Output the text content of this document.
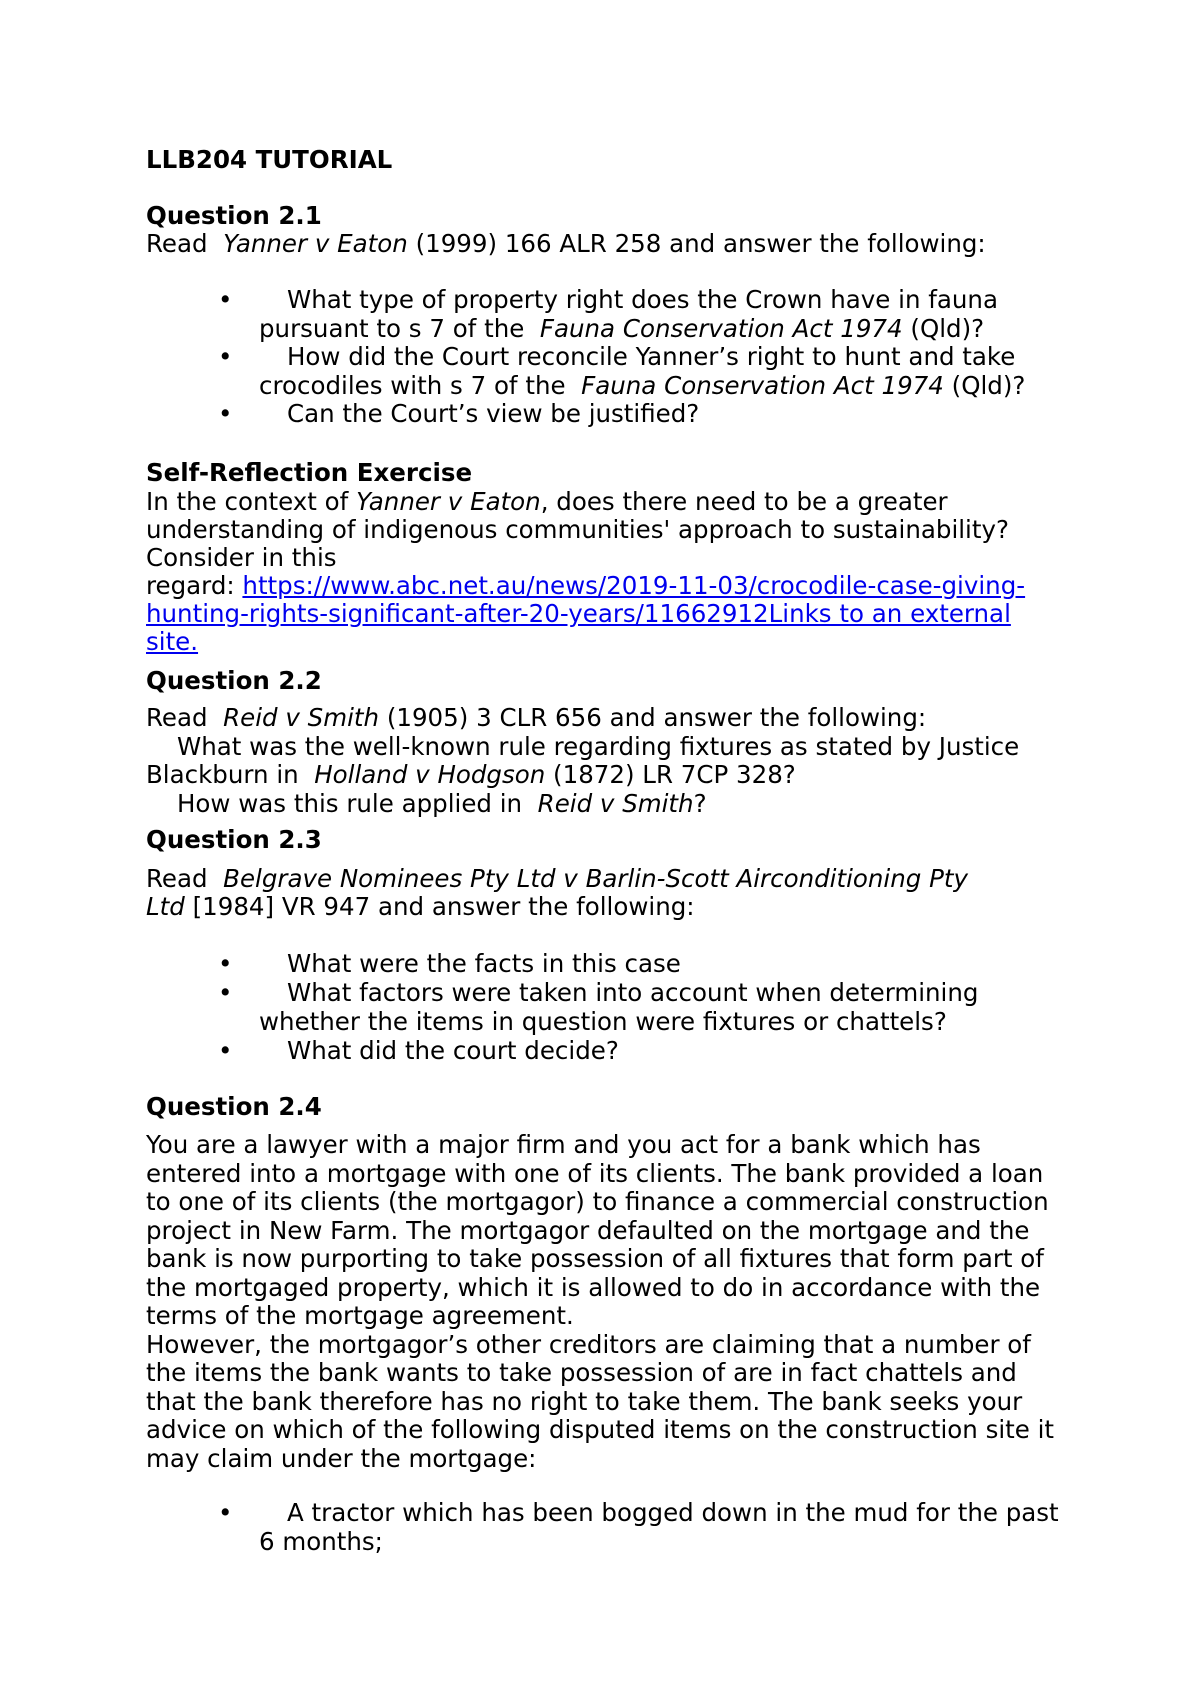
LLB204 TUTORIAL
Question 2.1
Read Yanner v Eaton (1999) 166 ALR 258 and answer the following:
• What type of property right does the Crown have in fauna
pursuant to s 7 of the Fauna Conservation Act 1974 (Qld)?
• How did the Court reconcile Yanner’s right to hunt and take
crocodiles with s 7 of the Fauna Conservation Act 1974 (Qld)?
• Can the Court’s view be justified?
Self-Reflection Exercise
In the context of Yanner v Eaton, does there need to be a greater
understanding of indigenous communities' approach to sustainability?
Consider in this
regard: https://www.abc.net.au/news/2019-11-03/crocodile-case-giving-
hunting-rights-significant-after-20-years/11662912Links to an external
site.
Question 2.2
Read Reid v Smith (1905) 3 CLR 656 and answer the following:
What was the well-known rule regarding fixtures as stated by Justice
Blackburn in Holland v Hodgson (1872) LR 7CP 328?
How was this rule applied in Reid v Smith?
Question 2.3
Read Belgrave Nominees Pty Ltd v Barlin-Scott Airconditioning Pty
Ltd [1984] VR 947 and answer the following:
• What were the facts in this case
• What factors were taken into account when determining
whether the items in question were fixtures or chattels?
• What did the court decide?
Question 2.4
You are a lawyer with a major firm and you act for a bank which has
entered into a mortgage with one of its clients. The bank provided a loan
to one of its clients (the mortgagor) to finance a commercial construction
project in New Farm. The mortgagor defaulted on the mortgage and the
bank is now purporting to take possession of all fixtures that form part of
the mortgaged property, which it is allowed to do in accordance with the
terms of the mortgage agreement.
However, the mortgagor’s other creditors are claiming that a number of
the items the bank wants to take possession of are in fact chattels and
that the bank therefore has no right to take them. The bank seeks your
advice on which of the following disputed items on the construction site it
may claim under the mortgage:
• A tractor which has been bogged down in the mud for the past
6 months;
